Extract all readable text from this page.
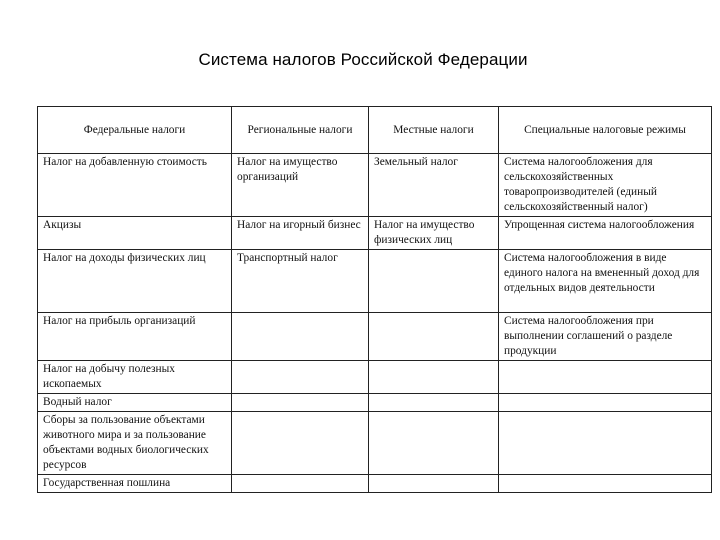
Система налогов Российской Федерации
Федеральные налоги	Региональные налоги	Местные налоги	Специальные налоговые режимы
Налог на добавленную стоимость	Налог на имущество организаций	Земельный налог	Система налогообложения для сельскохозяйственных товаропроизводителей (единый сельскохозяйственный налог)
Акцизы	Налог на игорный бизнес	Налог на имущество физических лиц	Упрощенная система налогообложения
Налог на доходы физических лиц	Транспортный налог		Система налогообложения в виде единого налога на вмененный доход для отдельных видов деятельности
Налог на прибыль организаций			Система налогообложения при выполнении соглашений о разделе продукции
Налог на добычу полезных ископаемых			
Водный налог			
Сборы за пользование объектами животного мира и за пользование объектами водных биологических ресурсов			
Государственная пошлина			
